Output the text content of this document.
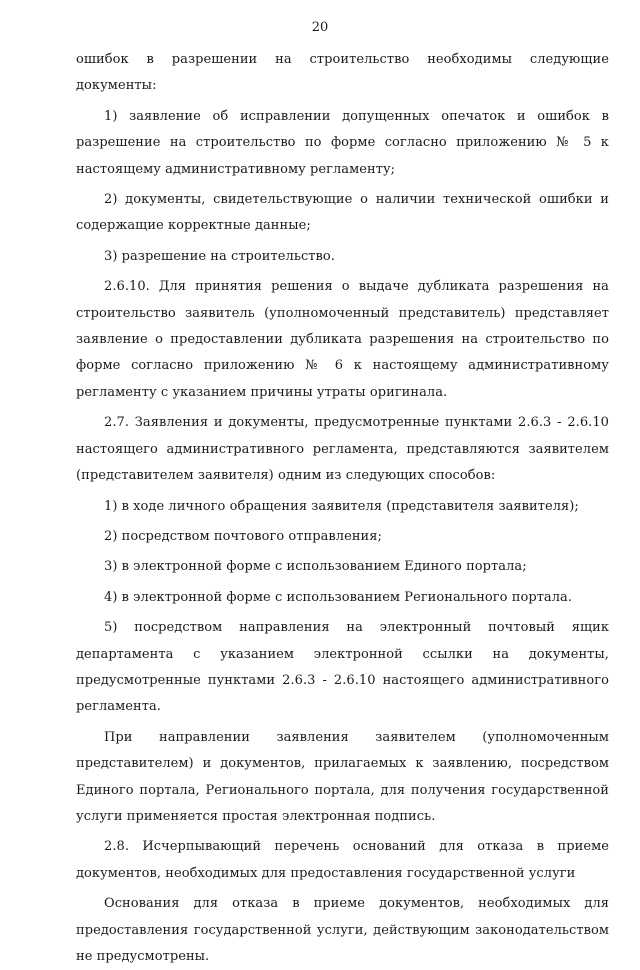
20

ошибок в разрешении на строительство необходимы следующие документы:

1) заявление об исправлении допущенных опечаток и ошибок в разрешение на строительство по форме согласно приложению № 5 к настоящему административному регламенту;

2) документы, свидетельствующие о наличии технической ошибки и содержащие корректные данные;

3) разрешение на строительство.

2.6.10. Для принятия решения о выдаче дубликата разрешения на строительство заявитель (уполномоченный представитель) представляет заявление о предоставлении дубликата разрешения на строительство по форме согласно приложению № 6 к настоящему административному регламенту с указанием причины утраты оригинала.

2.7. Заявления и документы, предусмотренные пунктами 2.6.3 - 2.6.10 настоящего административного регламента, представляются заявителем (представителем заявителя) одним из следующих способов:

1) в ходе личного обращения заявителя (представителя заявителя);

2) посредством почтового отправления;

3) в электронной форме с использованием Единого портала;

4) в электронной форме с использованием Регионального портала.

5) посредством направления на электронный почтовый ящик департамента с указанием электронной ссылки на документы, предусмотренные пунктами 2.6.3 - 2.6.10 настоящего административного регламента.

При направлении заявления заявителем (уполномоченным представителем) и документов, прилагаемых к заявлению, посредством Единого портала, Регионального портала, для получения государственной услуги применяется простая электронная подпись.

2.8. Исчерпывающий перечень оснований для отказа в приеме документов, необходимых для предоставления государственной услуги

Основания для отказа в приеме документов, необходимых для предоставления государственной услуги, действующим законодательством не предусмотрены.
